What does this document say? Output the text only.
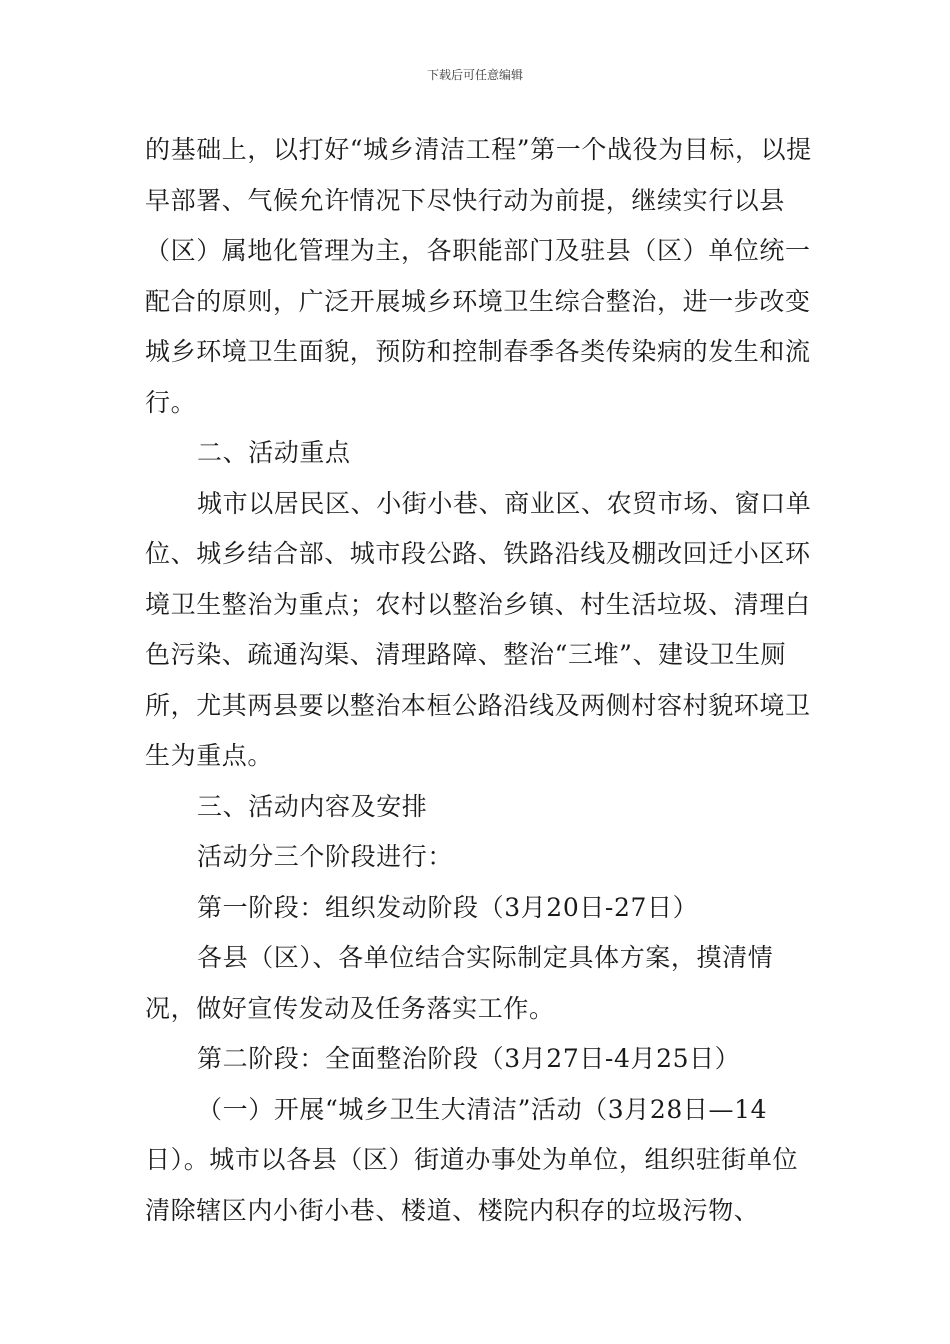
下载后可任意编辑

的基础上，以打好“城乡清洁工程”第一个战役为目标，以提早部署、气候允许情况下尽快行动为前提，继续实行以县（区）属地化管理为主，各职能部门及驻县（区）单位统一配合的原则，广泛开展城乡环境卫生综合整治，进一步改变城乡环境卫生面貌，预防和控制春季各类传染病的发生和流行。

二、活动重点

城市以居民区、小街小巷、商业区、农贸市场、窗口单位、城乡结合部、城市段公路、铁路沿线及棚改回迁小区环境卫生整治为重点；农村以整治乡镇、村生活垃圾、清理白色污染、疏通沟渠、清理路障、整治“三堆”、建设卫生厕所，尤其两县要以整治本桓公路沿线及两侧村容村貌环境卫生为重点。

三、活动内容及安排

活动分三个阶段进行：

第一阶段：组织发动阶段（3月20日-27日）

各县（区）、各单位结合实际制定具体方案，摸清情况，做好宣传发动及任务落实工作。

第二阶段：全面整治阶段（3月27日-4月25日）

（一）开展“城乡卫生大清洁”活动（3月28日—14日）。城市以各县（区）街道办事处为单位，组织驻街单位清除辖区内小街小巷、楼道、楼院内积存的垃圾污物、
